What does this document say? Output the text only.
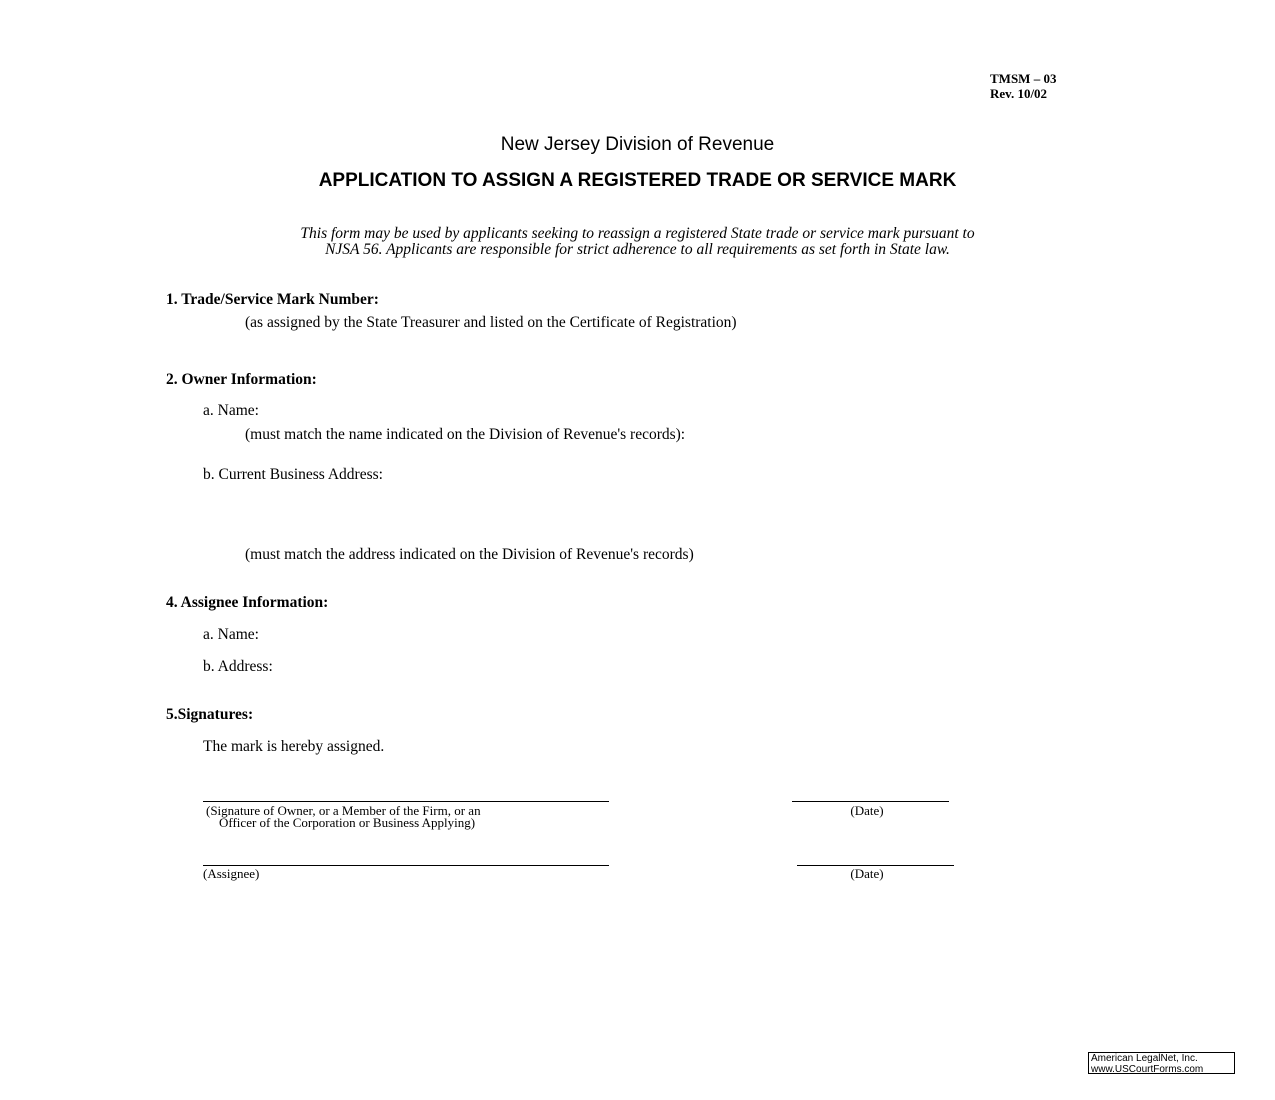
TMSM – 03
Rev. 10/02
New Jersey Division of Revenue
APPLICATION TO ASSIGN A REGISTERED TRADE OR SERVICE MARK
This form may be used by applicants seeking to reassign a registered State trade or service mark pursuant to
NJSA 56. Applicants are responsible for strict adherence to all requirements as set forth in State law.
1. Trade/Service Mark Number:
(as assigned by the State Treasurer and listed on the Certificate of Registration)
2. Owner Information:
a. Name:
(must match the name indicated on the Division of Revenue's records):
b. Current Business Address:
(must match the address indicated on the Division of Revenue's records)
4. Assignee Information:
a. Name:
b. Address:
5.Signatures:
The mark is hereby assigned.
(Signature of Owner, or a Member of the Firm, or an
Officer of the Corporation or Business Applying)
(Date)
(Assignee)	(Date)
American LegalNet, Inc.
www.USCourtForms.com
